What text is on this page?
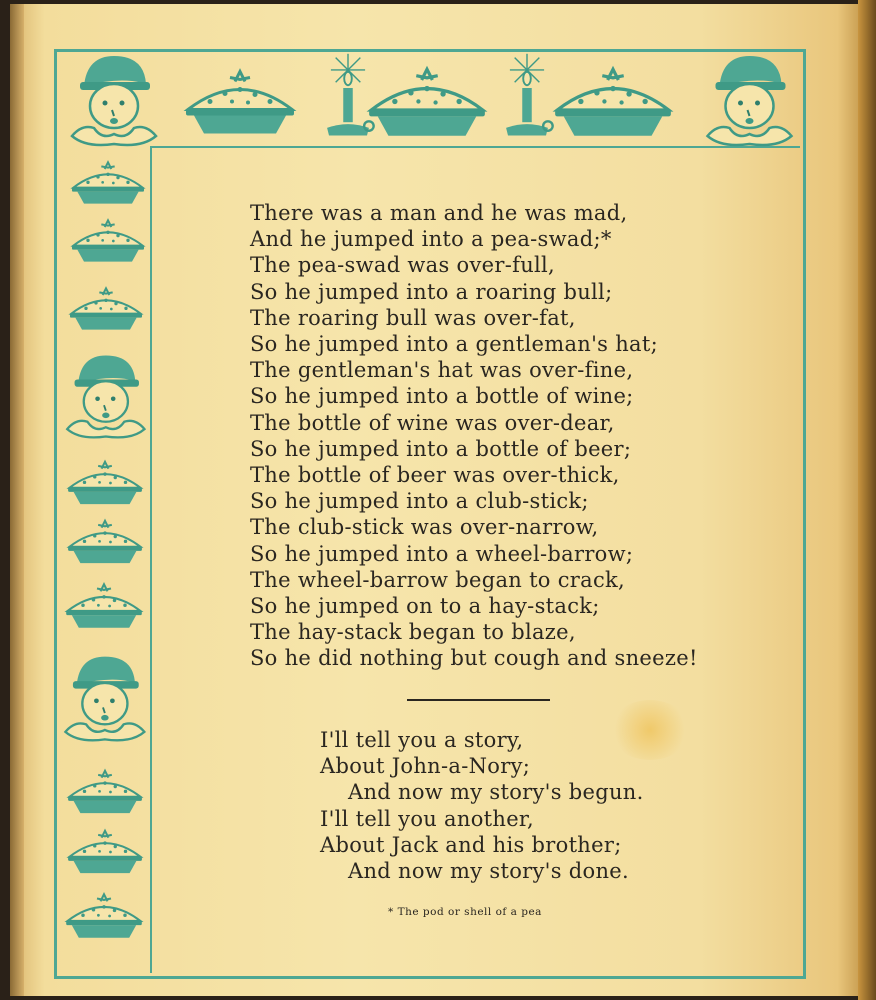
There was a man and he was mad,
And he jumped into a pea-swad;*
The pea-swad was over-full,
So he jumped into a roaring bull;
The roaring bull was over-fat,
So he jumped into a gentleman's hat;
The gentleman's hat was over-fine,
So he jumped into a bottle of wine;
The bottle of wine was over-dear,
So he jumped into a bottle of beer;
The bottle of beer was over-thick,
So he jumped into a club-stick;
The club-stick was over-narrow,
So he jumped into a wheel-barrow;
The wheel-barrow began to crack,
So he jumped on to a hay-stack;
The hay-stack began to blaze,
So he did nothing but cough and sneeze!
I'll tell you a story,
About John-a-Nory;
And now my story's begun.
I'll tell you another,
About Jack and his brother;
And now my story's done.
* The pod or shell of a pea
